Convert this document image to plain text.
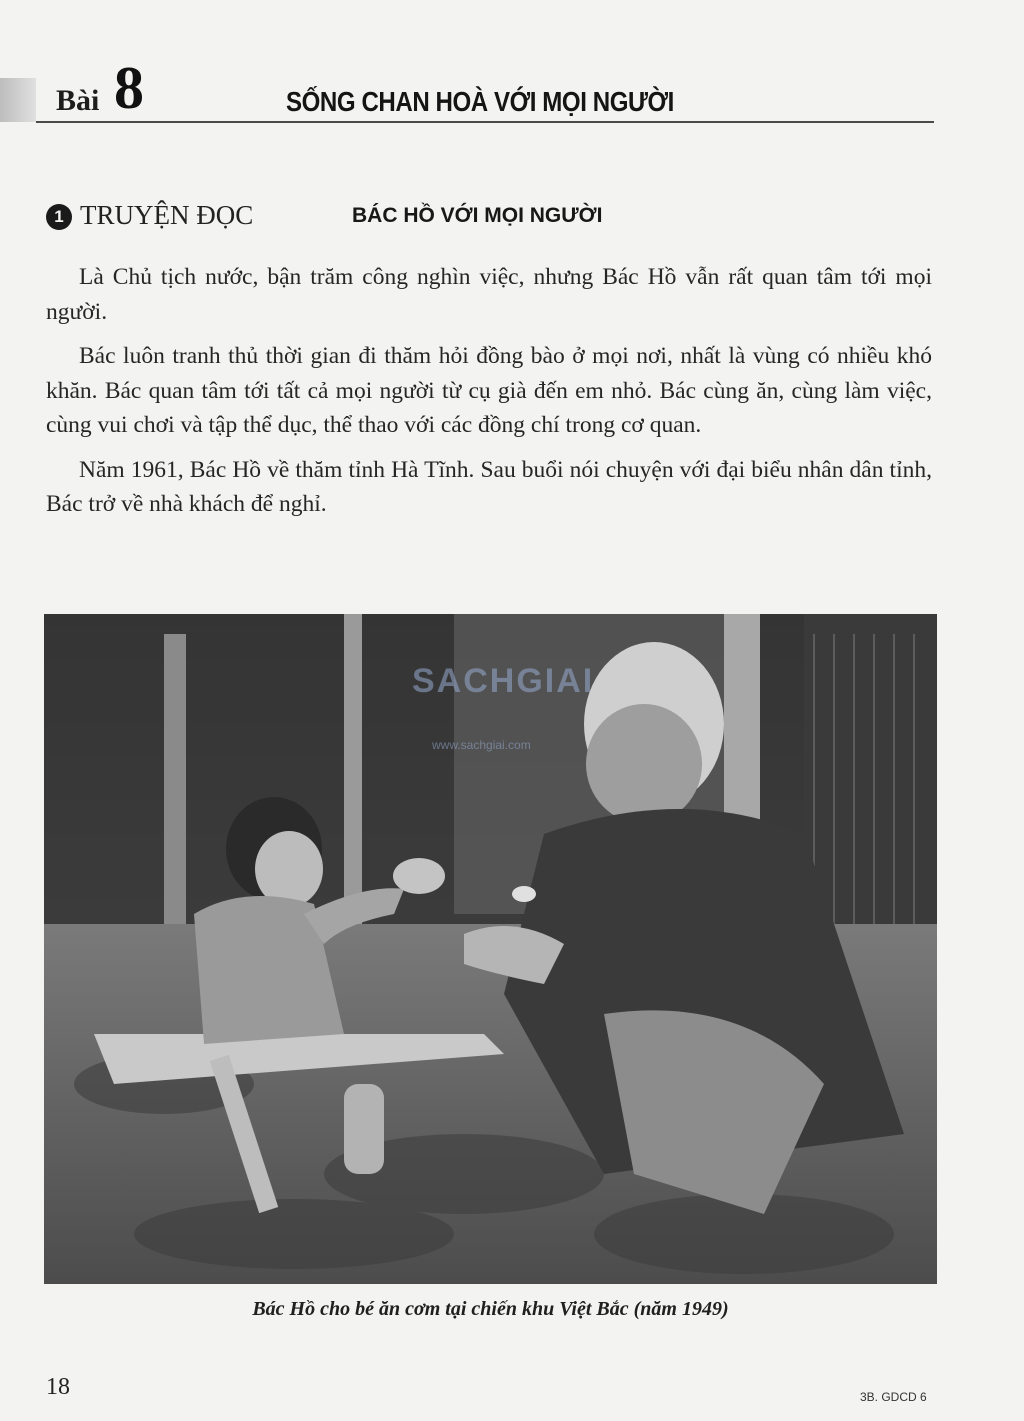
Bài 8	SỐNG CHAN HOÀ VỚI MỌI NGƯỜI
1 TRUYỆN ĐỌC	BÁC HỒ VỚI MỌI NGƯỜI

Là Chủ tịch nước, bận trăm công nghìn việc, nhưng Bác Hồ vẫn rất quan tâm tới mọi người.

Bác luôn tranh thủ thời gian đi thăm hỏi đồng bào ở mọi nơi, nhất là vùng có nhiều khó khăn. Bác quan tâm tới tất cả mọi người từ cụ già đến em nhỏ. Bác cùng ăn, cùng làm việc, cùng vui chơi và tập thể dục, thể thao với các đồng chí trong cơ quan.

Năm 1961, Bác Hồ về thăm tỉnh Hà Tĩnh. Sau buổi nói chuyện với đại biểu nhân dân tỉnh, Bác trở về nhà khách để nghỉ.

SACHGIAI
www.sachgiai.com
Bác Hồ cho bé ăn cơm tại chiến khu Việt Bắc (năm 1949)
18	3B. GDCD 6
